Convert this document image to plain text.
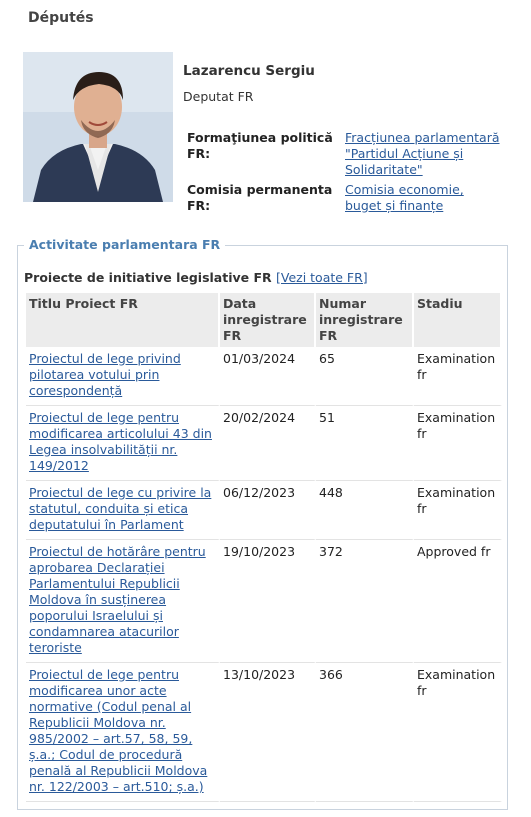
Députés
Lazarencu Sergiu
Deputat FR
Formaţiunea politică FR:	Fracțiunea parlamentară "Partidul Acțiune și Solidaritate"
Comisia permanenta FR:	Comisia economie, buget și finanțe
Activitate parlamentara FR
Proiecte de initiative legislative FR [Vezi toate FR]
Titlu Proiect FR	Data inregistrare FR	Numar inregistrare FR	Stadiu
Proiectul de lege privind pilotarea votului prin corespondență	01/03/2024	65	Examination fr
Proiectul de lege pentru modificarea articolului 43 din Legea insolvabilității nr. 149/2012	20/02/2024	51	Examination fr
Proiectul de lege cu privire la statutul, conduita și etica deputatului în Parlament	06/12/2023	448	Examination fr
Proiectul de hotărâre pentru aprobarea Declarației Parlamentului Republicii Moldova în susținerea poporului Israelului și condamnarea atacurilor teroriste	19/10/2023	372	Approved fr
Proiectul de lege pentru modificarea unor acte normative (Codul penal al Republicii Moldova nr. 985/2002 – art.57, 58, 59, ș.a.; Codul de procedură penală al Republicii Moldova nr. 122/2003 – art.510; ș.a.)	13/10/2023	366	Examination fr
